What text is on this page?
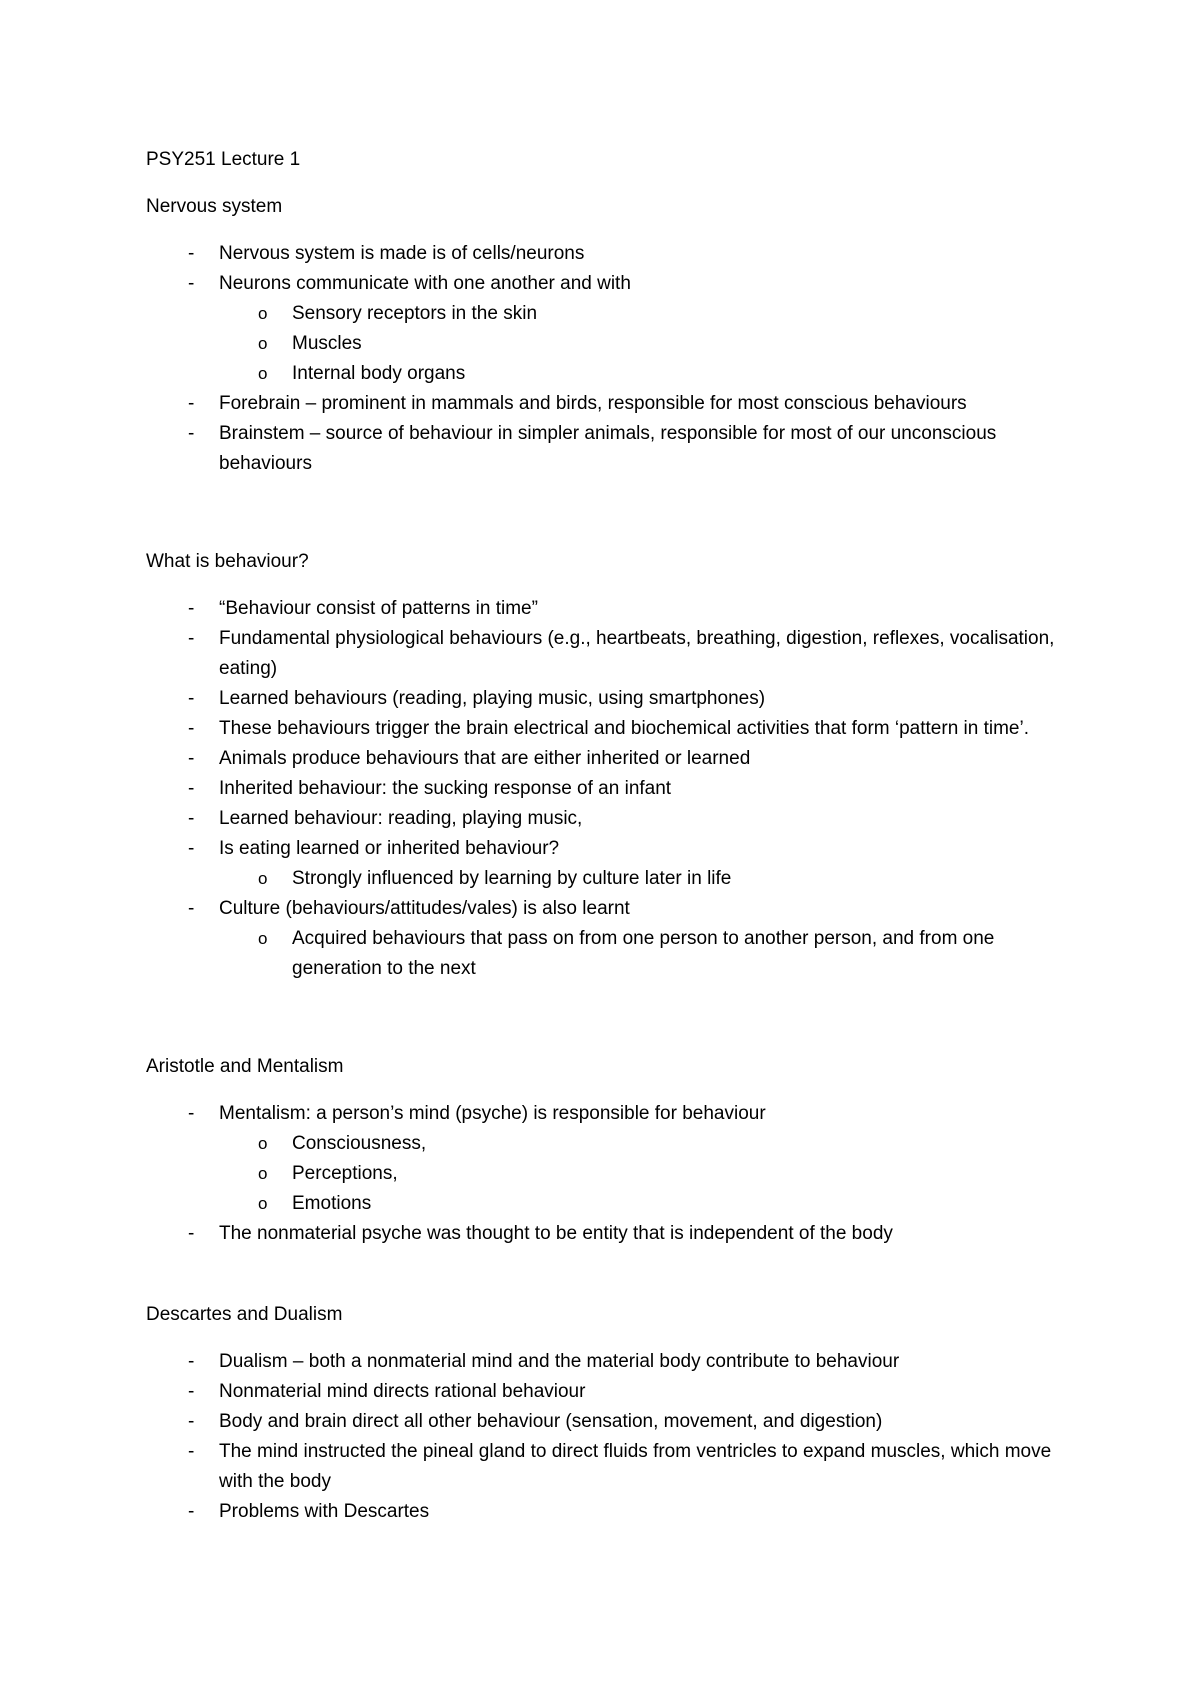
PSY251 Lecture 1

Nervous system

- Nervous system is made is of cells/neurons
- Neurons communicate with one another and with
o Sensory receptors in the skin
o Muscles
o Internal body organs
- Forebrain – prominent in mammals and birds, responsible for most conscious behaviours
- Brainstem – source of behaviour in simpler animals, responsible for most of our unconscious behaviours

What is behaviour?

- “Behaviour consist of patterns in time”
- Fundamental physiological behaviours (e.g., heartbeats, breathing, digestion, reflexes, vocalisation, eating)
- Learned behaviours (reading, playing music, using smartphones)
- These behaviours trigger the brain electrical and biochemical activities that form ‘pattern in time’.
- Animals produce behaviours that are either inherited or learned
- Inherited behaviour: the sucking response of an infant
- Learned behaviour: reading, playing music,
- Is eating learned or inherited behaviour?
o Strongly influenced by learning by culture later in life
- Culture (behaviours/attitudes/vales) is also learnt
o Acquired behaviours that pass on from one person to another person, and from one generation to the next

Aristotle and Mentalism

- Mentalism: a person’s mind (psyche) is responsible for behaviour
o Consciousness,
o Perceptions,
o Emotions
- The nonmaterial psyche was thought to be entity that is independent of the body

Descartes and Dualism

- Dualism – both a nonmaterial mind and the material body contribute to behaviour
- Nonmaterial mind directs rational behaviour
- Body and brain direct all other behaviour (sensation, movement, and digestion)
- The mind instructed the pineal gland to direct fluids from ventricles to expand muscles, which move with the body
- Problems with Descartes
